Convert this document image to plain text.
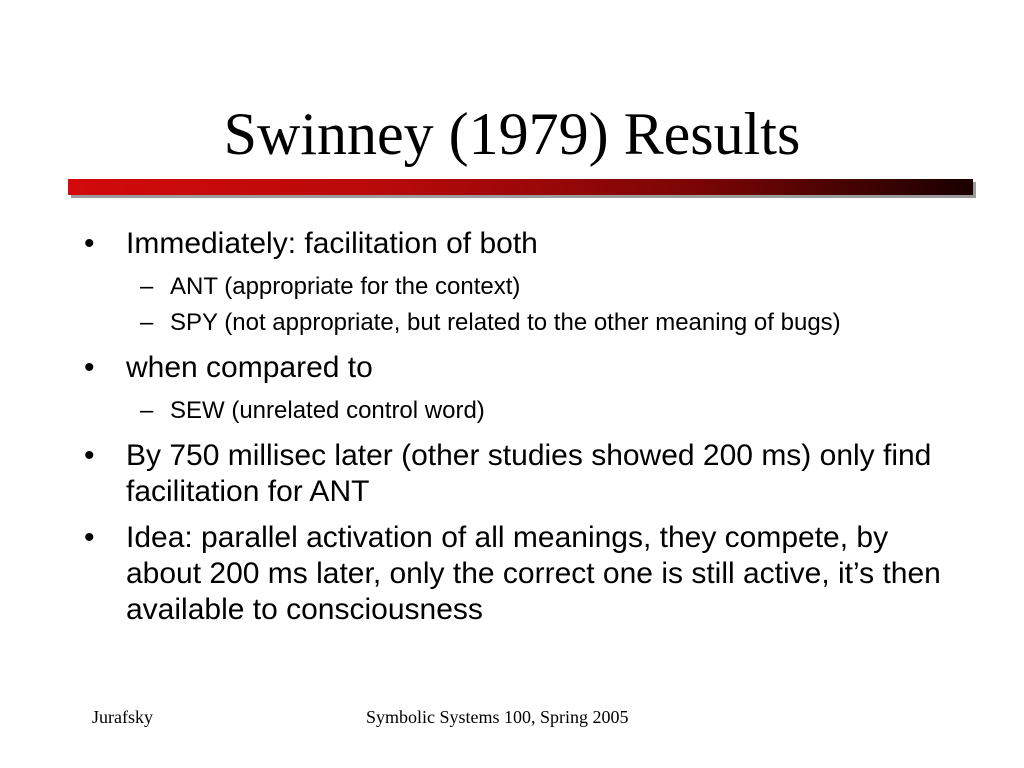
Swinney (1979) Results
• Immediately: facilitation of both
– ANT (appropriate for the context)
– SPY (not appropriate, but related to the other meaning of bugs)
• when compared to
– SEW (unrelated control word)
• By 750 millisec later (other studies showed 200 ms) only find facilitation for ANT
• Idea: parallel activation of all meanings, they compete, by about 200 ms later, only the correct one is still active, it’s then available to consciousness
Jurafsky	Symbolic Systems 100, Spring 2005
